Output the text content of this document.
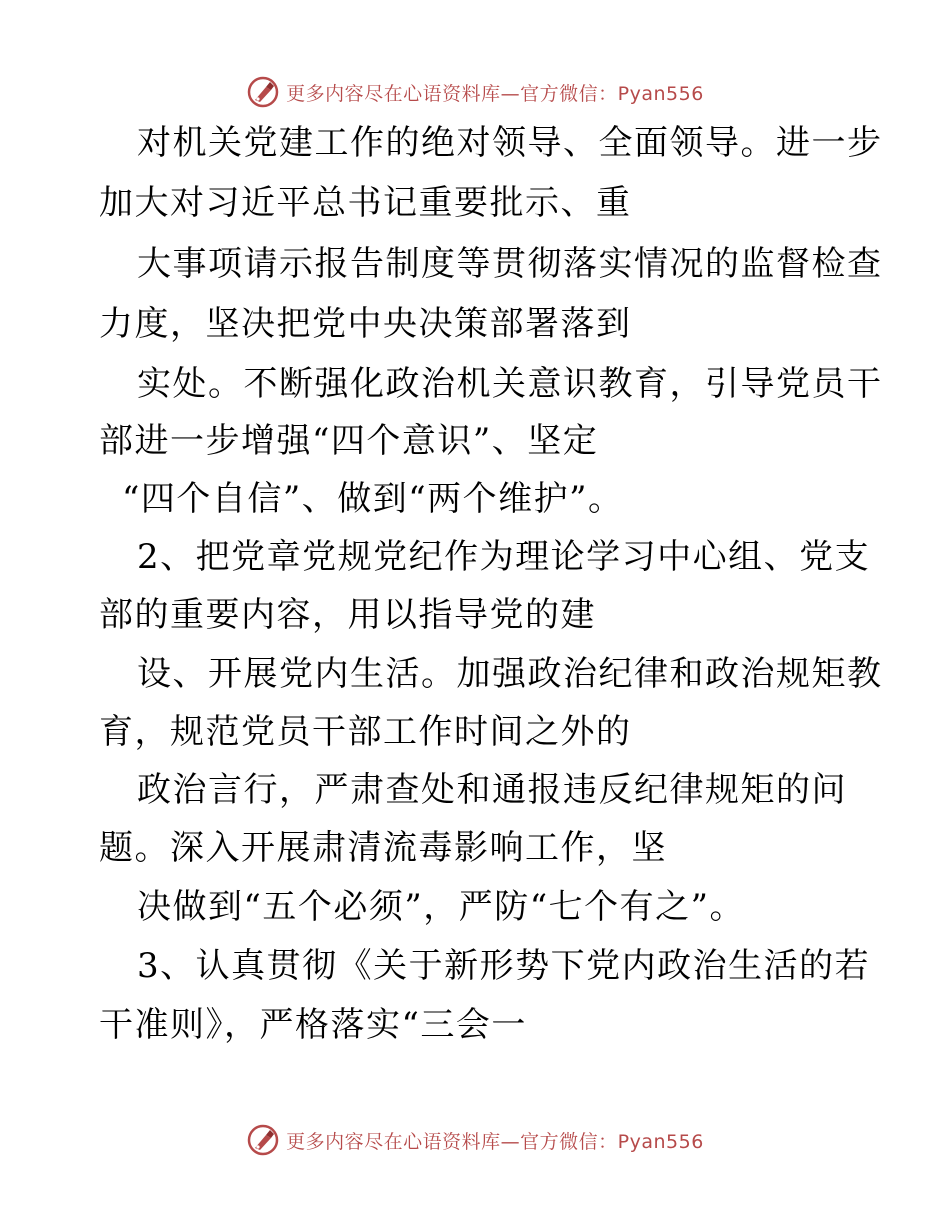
更多内容尽在心语资料库—官方微信：Pyan556
对机关党建工作的绝对领导、全面领导。进一步
加大对习近平总书记重要批示、重
大事项请示报告制度等贯彻落实情况的监督检查
力度，坚决把党中央决策部署落到
实处。不断强化政治机关意识教育，引导党员干
部进一步增强“四个意识”、坚定
“四个自信”、做到“两个维护”。
2、把党章党规党纪作为理论学习中心组、党支
部的重要内容，用以指导党的建
设、开展党内生活。加强政治纪律和政治规矩教
育，规范党员干部工作时间之外的
政治言行，严肃查处和通报违反纪律规矩的问
题。深入开展肃清流毒影响工作，坚
决做到“五个必须”，严防“七个有之”。
3、认真贯彻《关于新形势下党内政治生活的若
干准则》，严格落实“三会一
更多内容尽在心语资料库—官方微信：Pyan556
